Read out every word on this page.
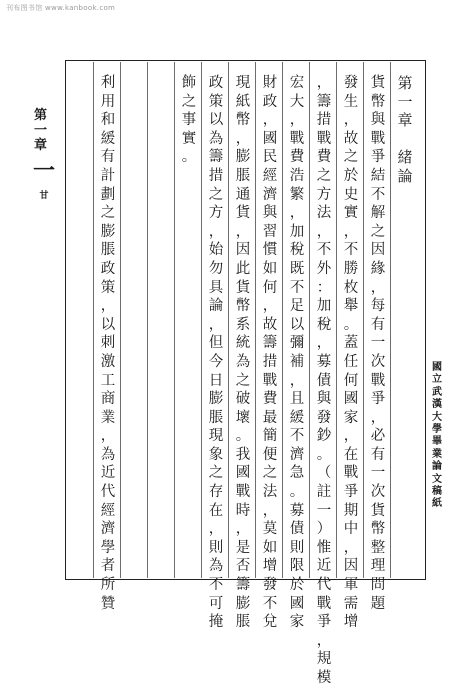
刊布图书馆 www.kanbook.com
第
一
章

緒
論
貨
幣
與
戰
爭
結
不
解
之
因
緣
，
每
有
一
次
戰
爭
，
必
有
一
次
貨
幣
整
理
問
題
發
生
，
故
之
於
史
實
，
不
勝
枚
舉
。
蓋
任
何
國
家
，
在
戰
爭
期
中
，
因
軍
需
增
，
籌
措
戰
費
之
方
法
，
不
外
：
加
稅
，
募
債
與
發
鈔
。
（
註
一
）
惟
近
代
戰
爭
，
規
模
宏
大
，
戰
費
浩
繁
，
加
稅
既
不
足
以
彌
補
，
且
緩
不
濟
急
。
募
債
則
限
於
國
家
財
政
，
國
民
經
濟
與
習
慣
如
何
，
故
籌
措
戰
費
最
簡
便
之
法
，
莫
如
增
發
不
兌
現
紙
幣
，
膨
脹
通
貨
，
因
此
貨
幣
系
統
為
之
破
壞
。
我
國
戰
時
，
是
否
籌
膨
脹
政
策
以
為
籌
措
之
方
，
始
勿
具
論
，
但
今
日
膨
脹
現
象
之
存
在
，
則
為
不
可
掩
飾
之
事
實
。
利
用
和
緩
有
計
劃
之
膨
脹
政
策
，
以
刺
激
工
商
業
，
為
近
代
經
濟
學
者
所
贊
第一章
一
甘
國
立
武
漢
大
學
畢
業
論
文
稿
紙
